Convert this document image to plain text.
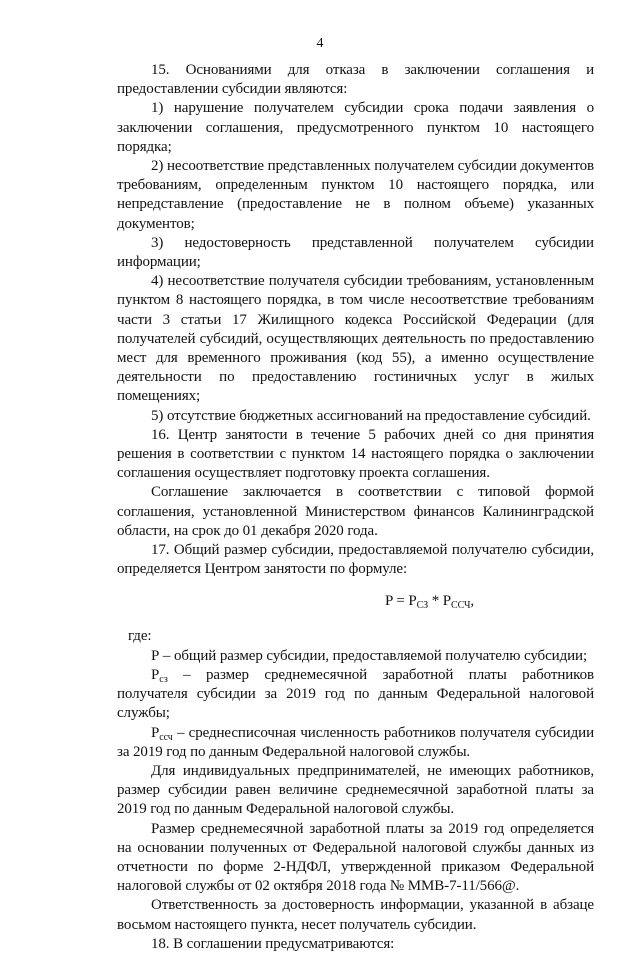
4

15. Основаниями для отказа в заключении соглашения и предоставлении субсидии являются:

1) нарушение получателем субсидии срока подачи заявления о заключении соглашения, предусмотренного пунктом 10 настоящего порядка;

2) несоответствие представленных получателем субсидии документов требованиям, определенным пунктом 10 настоящего порядка, или непредставление (предоставление не в полном объеме) указанных документов;

3) недостоверность представленной получателем субсидии информации;

4) несоответствие получателя субсидии требованиям, установленным пунктом 8 настоящего порядка, в том числе несоответствие требованиям части 3 статьи 17 Жилищного кодекса Российской Федерации (для получателей субсидий, осуществляющих деятельность по предоставлению мест для временного проживания (код 55), а именно осуществление деятельности по предоставлению гостиничных услуг в жилых помещениях;

5) отсутствие бюджетных ассигнований на предоставление субсидий.

16. Центр занятости в течение 5 рабочих дней со дня принятия решения в соответствии с пунктом 14 настоящего порядка о заключении соглашения осуществляет подготовку проекта соглашения.

Соглашение заключается в соответствии с типовой формой соглашения, установленной Министерством финансов Калининградской области, на срок до 01 декабря 2020 года.

17. Общий размер субсидии, предоставляемой получателю субсидии, определяется Центром занятости по формуле:

$P = P_{СЗ} * P_{ССЧ}$,

где:

Р – общий размер субсидии, предоставляемой получателю субсидии;

$Р_{сз}$ – размер среднемесячной заработной платы работников получателя субсидии за 2019 год по данным Федеральной налоговой службы;

$Р_{ссч}$ – среднесписочная численность работников получателя субсидии за 2019 год по данным Федеральной налоговой службы.

Для индивидуальных предпринимателей, не имеющих работников, размер субсидии равен величине среднемесячной заработной платы за 2019 год по данным Федеральной налоговой службы.

Размер среднемесячной заработной платы за 2019 год определяется на основании полученных от Федеральной налоговой службы данных из отчетности по форме 2-НДФЛ, утвержденной приказом Федеральной налоговой службы от 02 октября 2018 года № ММВ-7-11/566@.

Ответственность за достоверность информации, указанной в абзаце восьмом настоящего пункта, несет получатель субсидии.

18. В соглашении предусматриваются:
